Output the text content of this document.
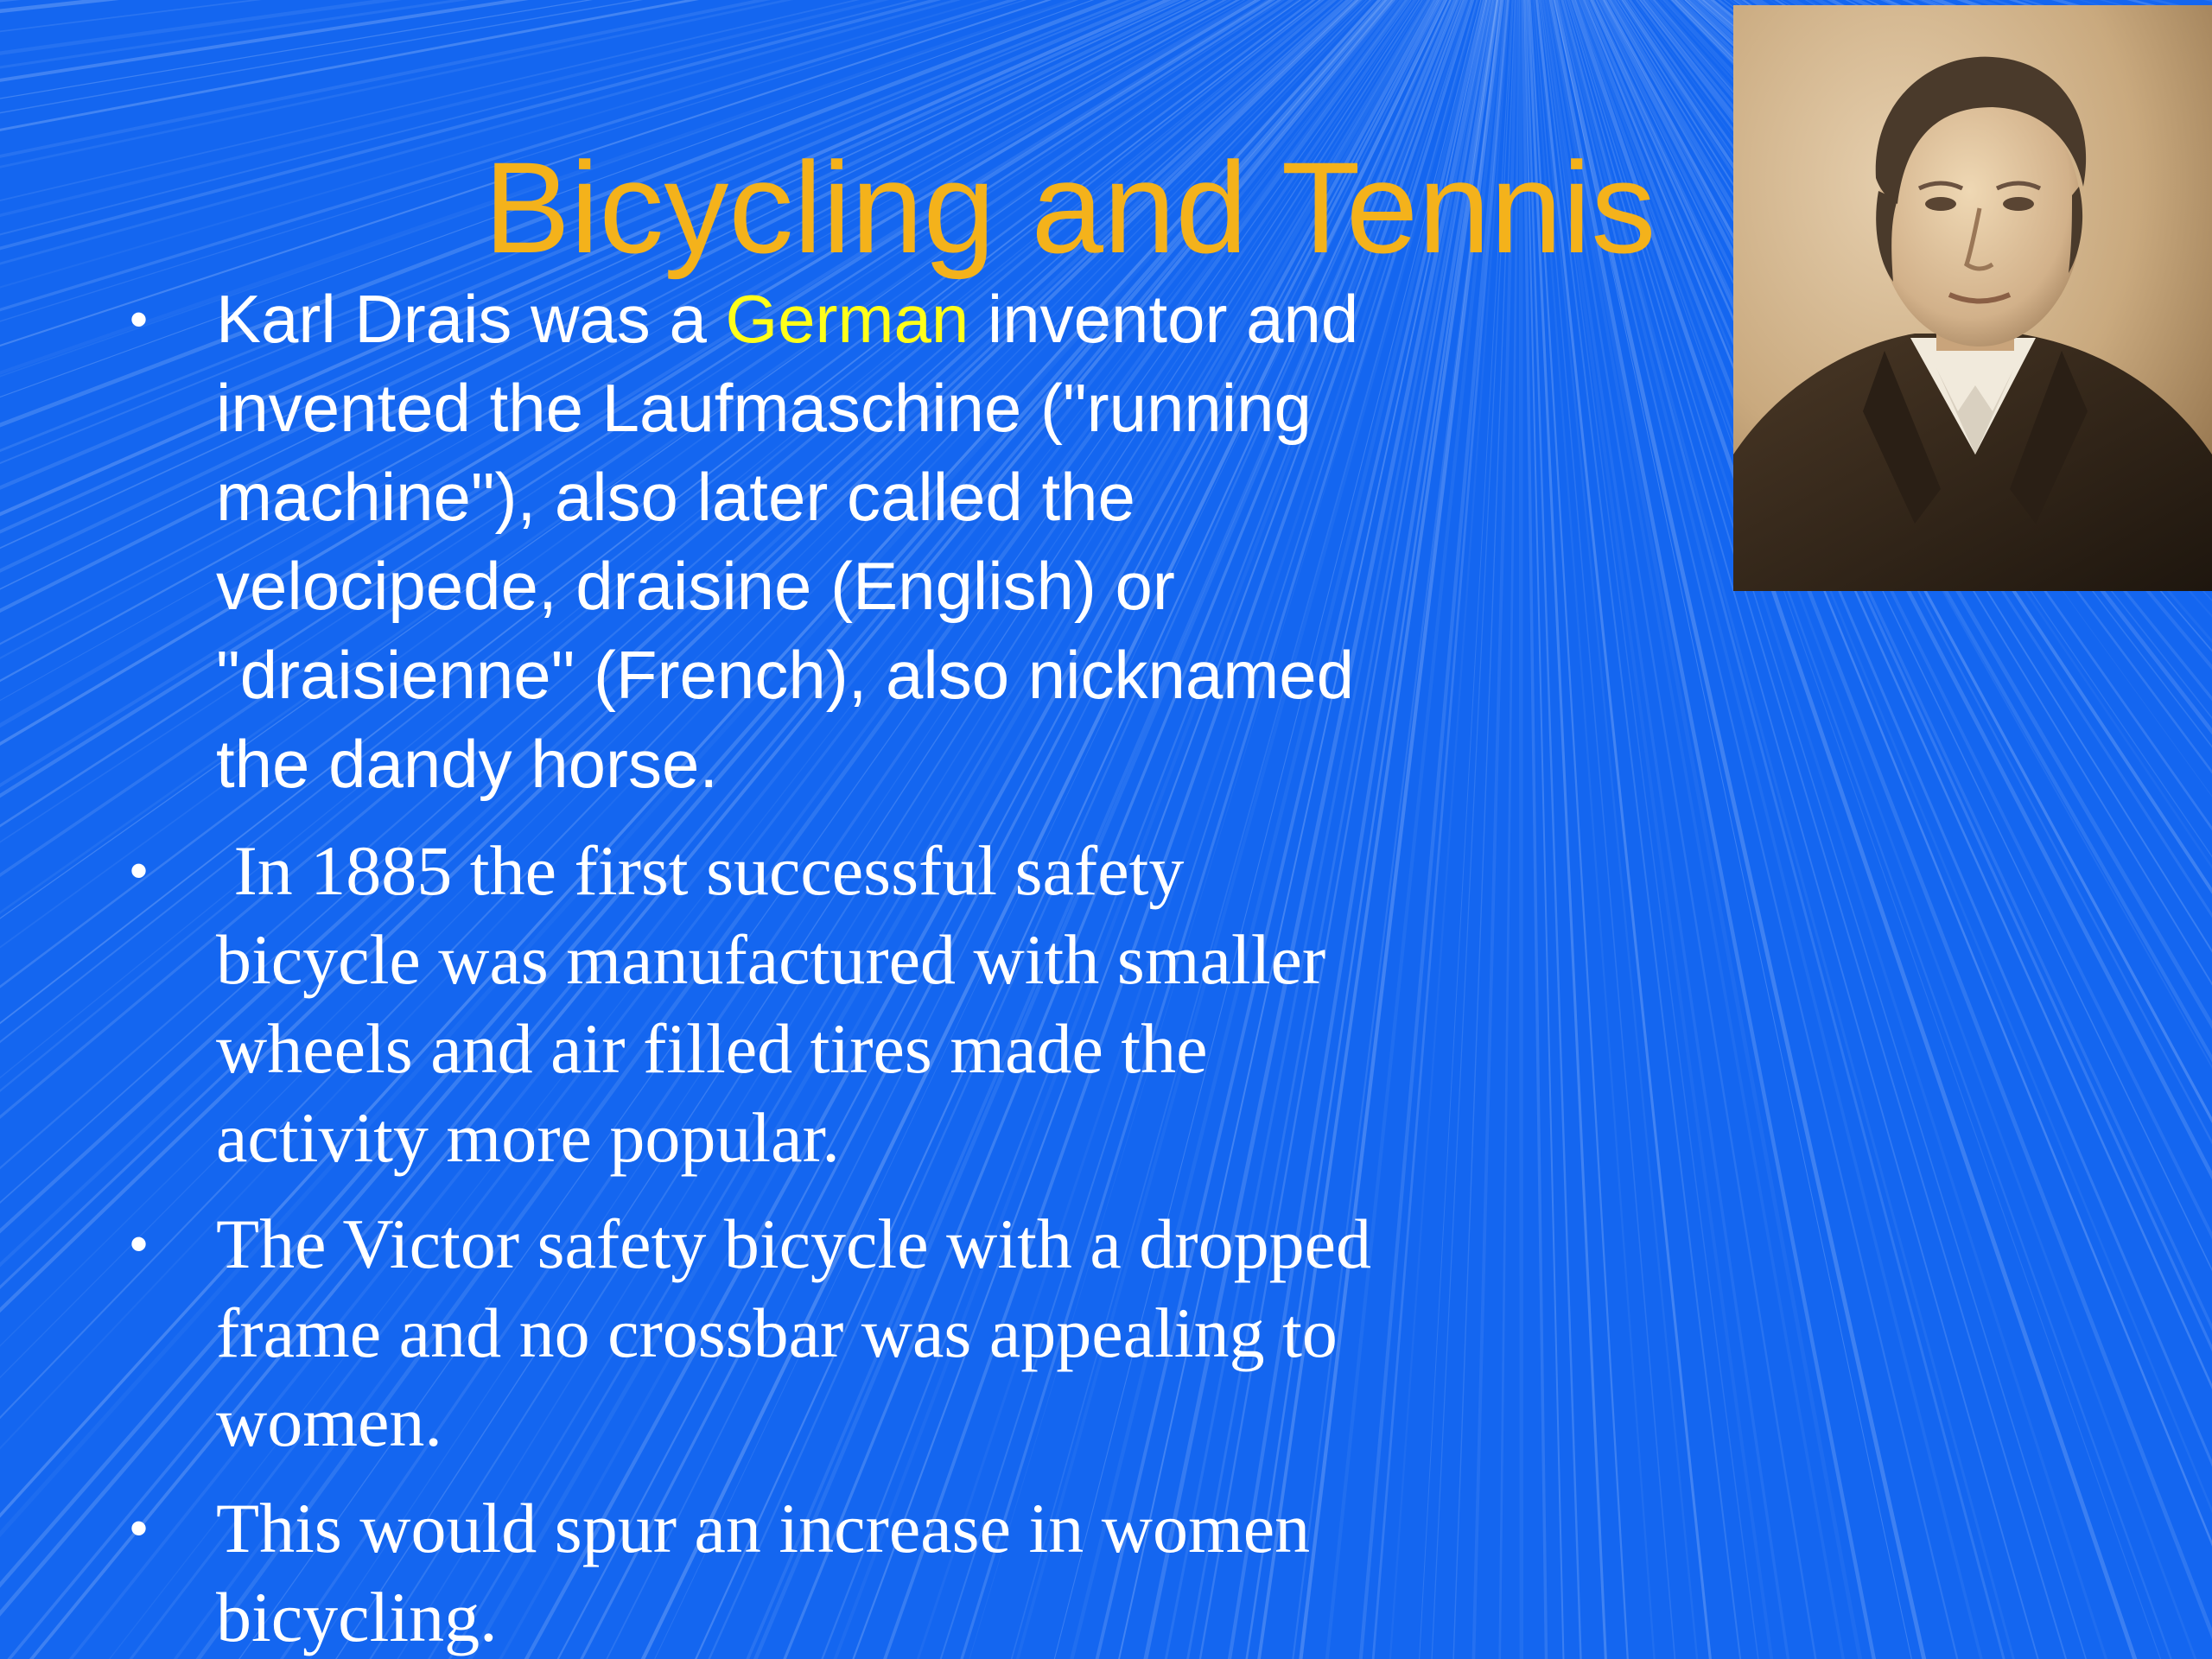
Bicycling and Tennis
• Karl Drais was a German inventor and invented the Laufmaschine ("running machine"), also later called the velocipede, draisine (English) or "draisienne" (French), also nicknamed the dandy horse.
• In 1885 the first successful safety bicycle was manufactured with smaller wheels and air filled tires made the activity more popular.
• The Victor safety bicycle with a dropped frame and no crossbar was appealing to women.
• This would spur an increase in women bicycling.
